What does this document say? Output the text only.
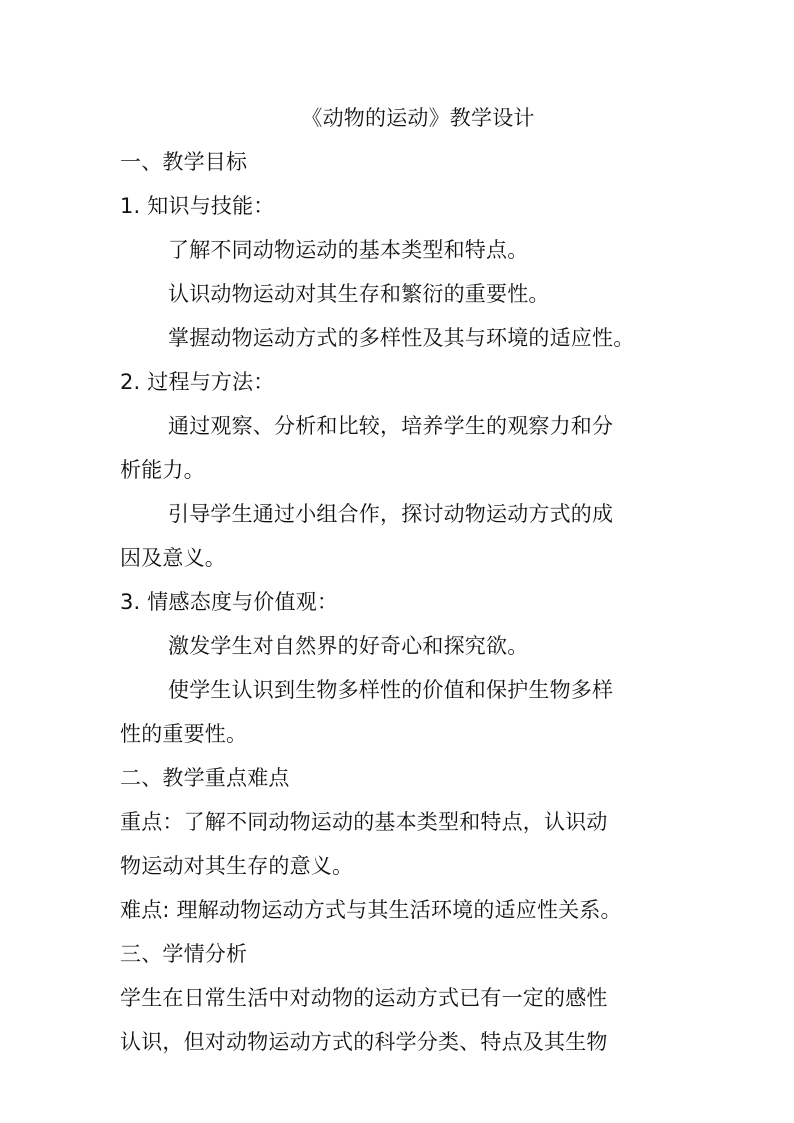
《动物的运动》教学设计
一、教学目标
1. 知识与技能：
了解不同动物运动的基本类型和特点。
认识动物运动对其生存和繁衍的重要性。
掌握动物运动方式的多样性及其与环境的适应性。
2. 过程与方法：
通过观察、分析和比较，培养学生的观察力和分
析能力。
引导学生通过小组合作，探讨动物运动方式的成
因及意义。
3. 情感态度与价值观：
激发学生对自然界的好奇心和探究欲。
使学生认识到生物多样性的价值和保护生物多样
性的重要性。
二、教学重点难点
重点：了解不同动物运动的基本类型和特点，认识动
物运动对其生存的意义。
难点: 理解动物运动方式与其生活环境的适应性关系。
三、学情分析
学生在日常生活中对动物的运动方式已有一定的感性
认识，但对动物运动方式的科学分类、特点及其生物
